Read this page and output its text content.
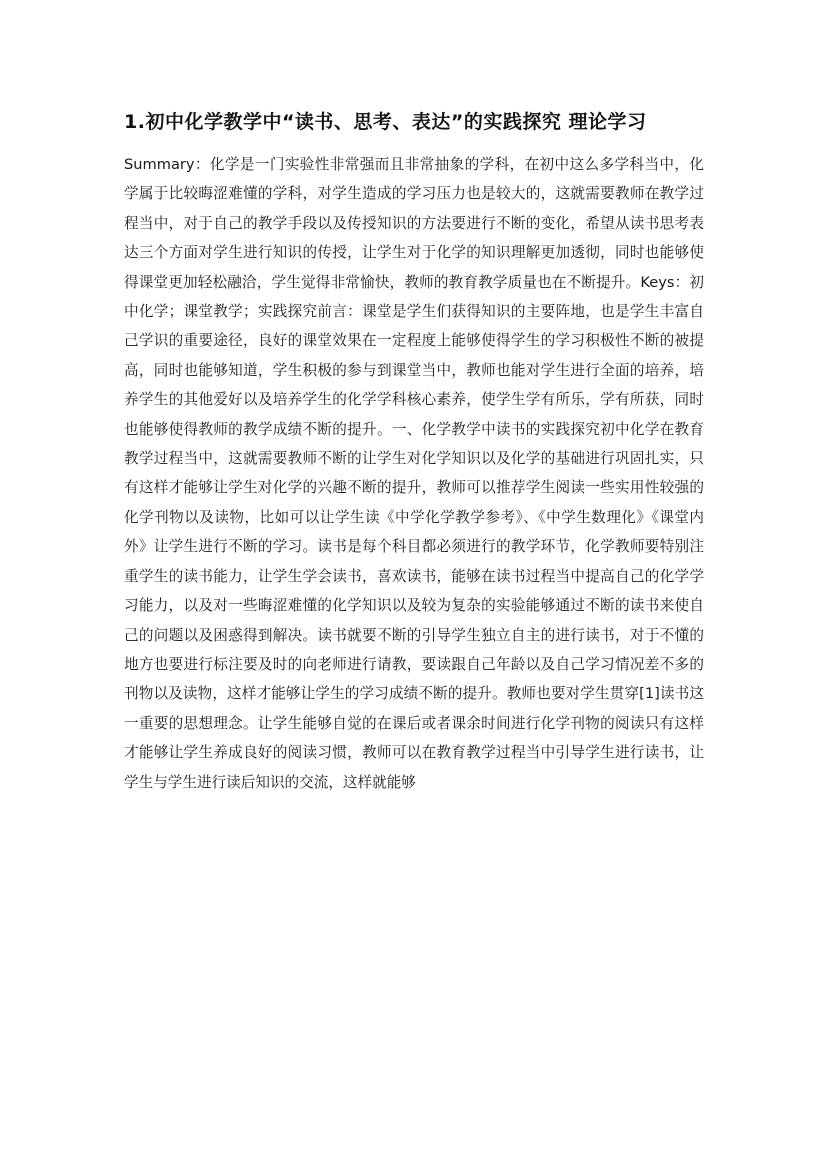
1.初中化学教学中“读书、思考、表达”的实践探究 理论学习

Summary：化学是一门实验性非常强而且非常抽象的学科，在初中这么多学科当中，化学属于比较晦涩难懂的学科，对学生造成的学习压力也是较大的，这就需要教师在教学过程当中，对于自己的教学手段以及传授知识的方法要进行不断的变化，希望从读书思考表达三个方面对学生进行知识的传授，让学生对于化学的知识理解更加透彻，同时也能够使得课堂更加轻松融洽，学生觉得非常愉快，教师的教育教学质量也在不断提升。Keys：初中化学；课堂教学；实践探究前言：课堂是学生们获得知识的主要阵地，也是学生丰富自己学识的重要途径，良好的课堂效果在一定程度上能够使得学生的学习积极性不断的被提高，同时也能够知道，学生积极的参与到课堂当中，教师也能对学生进行全面的培养，培养学生的其他爱好以及培养学生的化学学科核心素养，使学生学有所乐，学有所获，同时也能够使得教师的教学成绩不断的提升。一、化学教学中读书的实践探究初中化学在教育教学过程当中，这就需要教师不断的让学生对化学知识以及化学的基础进行巩固扎实，只有这样才能够让学生对化学的兴趣不断的提升，教师可以推荐学生阅读一些实用性较强的化学刊物以及读物，比如可以让学生读《中学化学教学参考》、《中学生数理化》《课堂内外》让学生进行不断的学习。读书是每个科目都必须进行的教学环节，化学教师要特别注重学生的读书能力，让学生学会读书，喜欢读书，能够在读书过程当中提高自己的化学学习能力，以及对一些晦涩难懂的化学知识以及较为复杂的实验能够通过不断的读书来使自己的问题以及困惑得到解决。读书就要不断的引导学生独立自主的进行读书，对于不懂的地方也要进行标注要及时的向老师进行请教，要读跟自己年龄以及自己学习情况差不多的刊物以及读物，这样才能够让学生的学习成绩不断的提升。教师也要对学生贯穿[1]读书这一重要的思想理念。让学生能够自觉的在课后或者课余时间进行化学刊物的阅读只有这样才能够让学生养成良好的阅读习惯，教师可以在教育教学过程当中引导学生进行读书，让学生与学生进行读后知识的交流，这样就能够
